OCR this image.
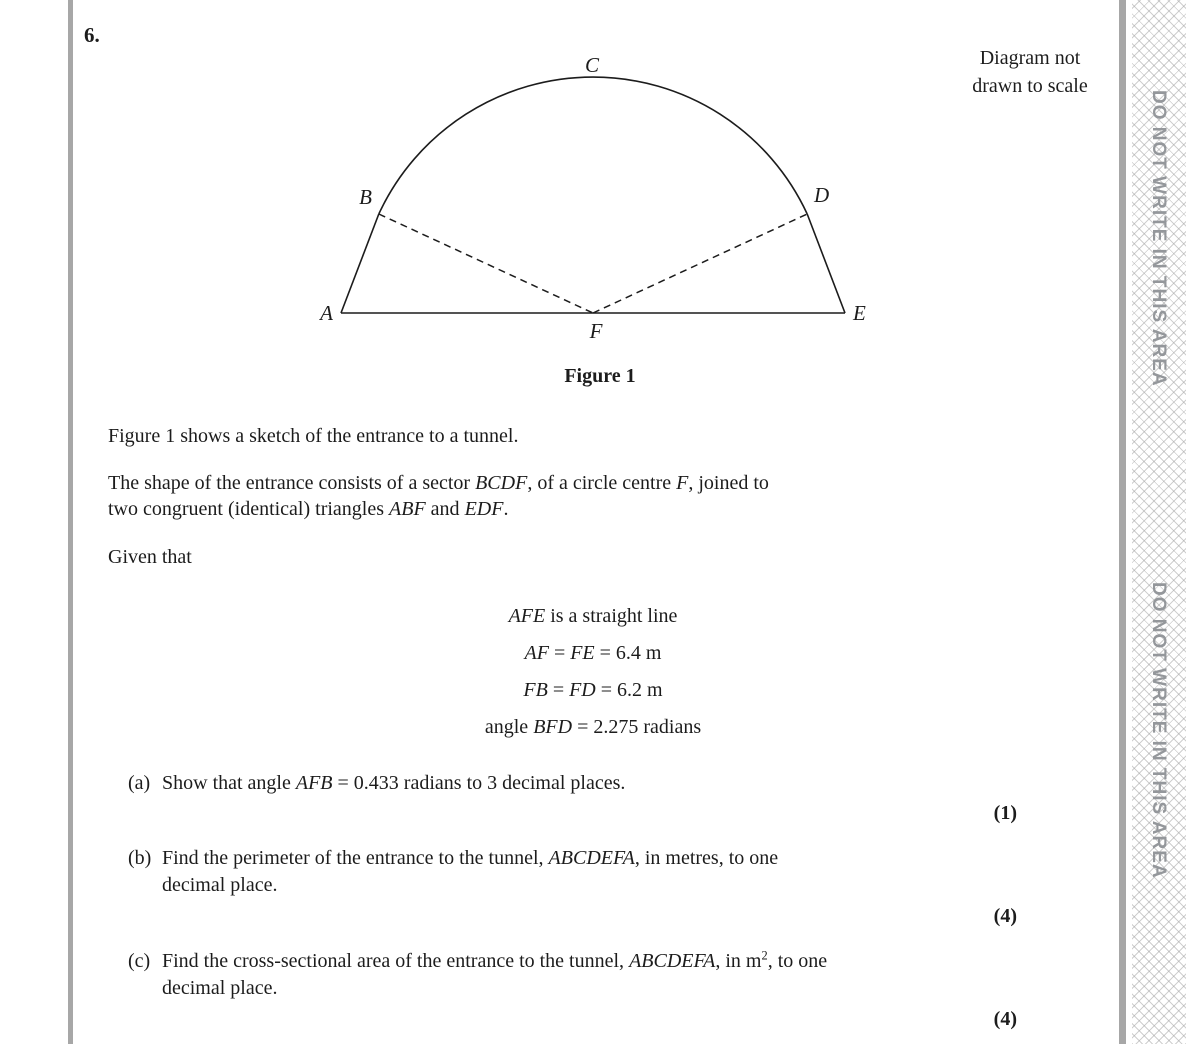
6.
C
B	D
A	E
F
Diagram not
drawn to scale
Figure 1
Figure 1 shows a sketch of the entrance to a tunnel.
The shape of the entrance consists of a sector BCDF, of a circle centre F, joined to
two congruent (identical) triangles ABF and EDF.
Given that
AFE is a straight line
AF = FE = 6.4 m
FB = FD = 6.2 m
angle BFD = 2.275 radians
(a) Show that angle AFB = 0.433 radians to 3 decimal places.
(1)
(b) Find the perimeter of the entrance to the tunnel, ABCDEFA, in metres, to one
decimal place.
(4)
(c) Find the cross-sectional area of the entrance to the tunnel, ABCDEFA, in $m^2$, to one
decimal place.
(4)
DO NOT WRITE IN THIS AREA
DO NOT WRITE IN THIS AREA
